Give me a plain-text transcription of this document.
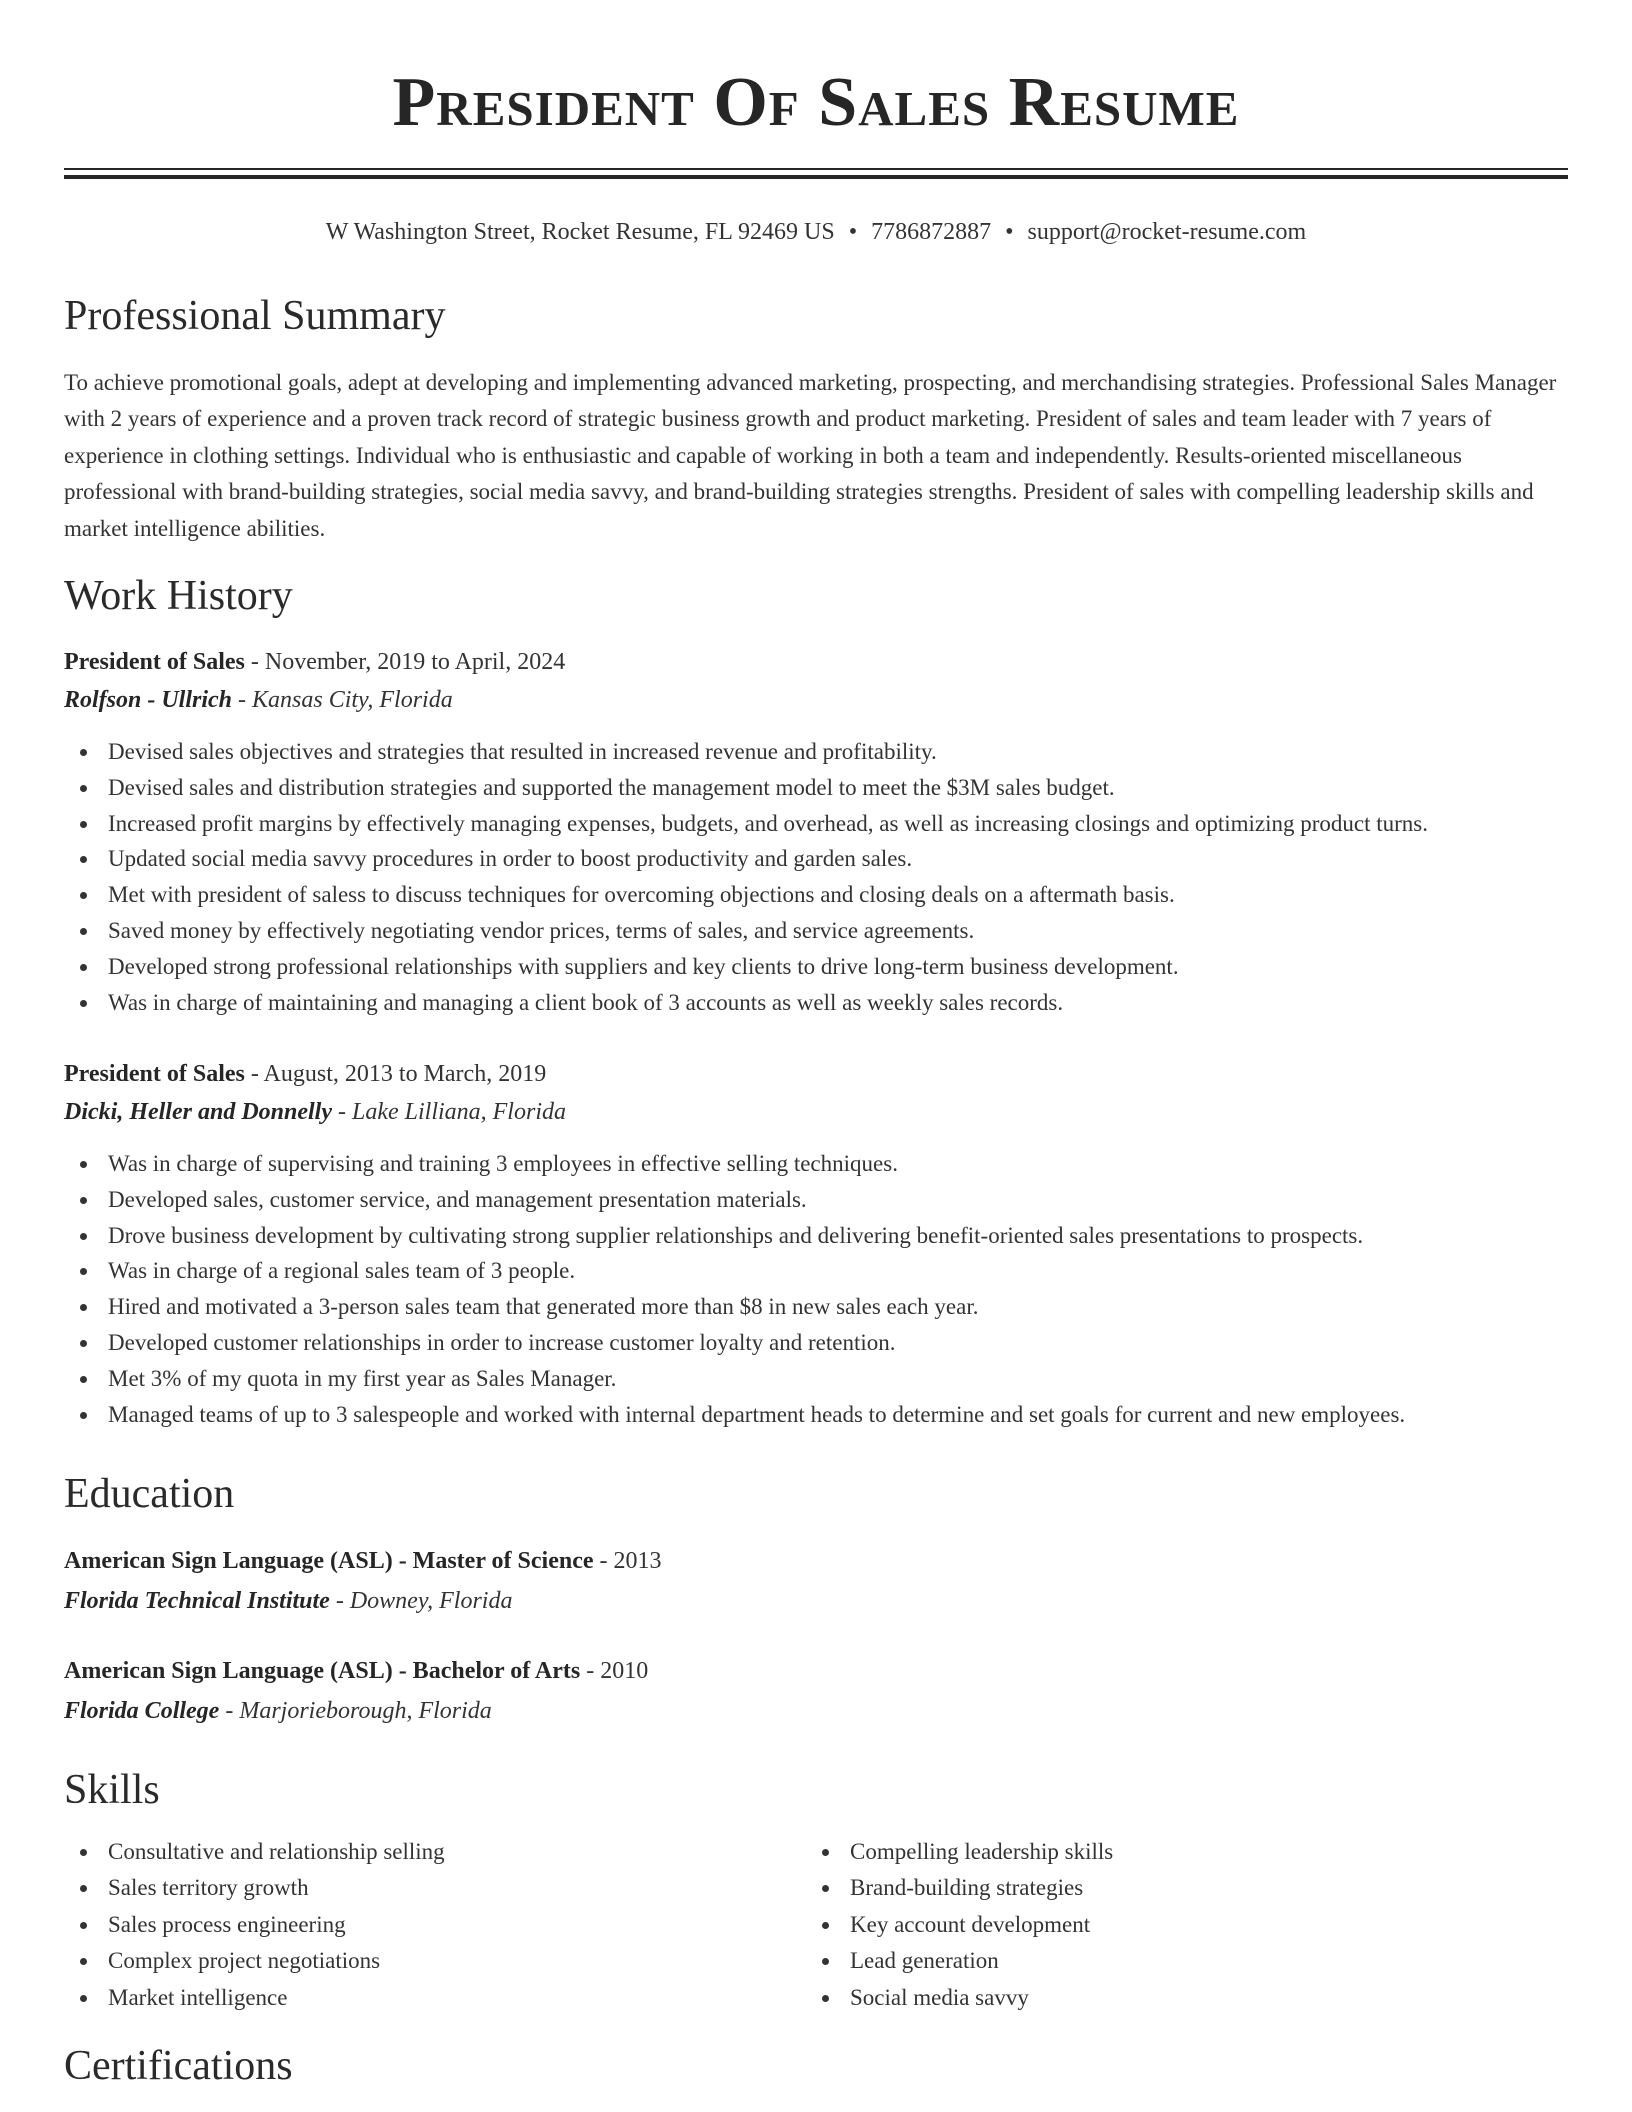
President Of Sales Resume
W Washington Street, Rocket Resume, FL 92469 US • 7786872887 • support@rocket-resume.com
Professional Summary
To achieve promotional goals, adept at developing and implementing advanced marketing, prospecting, and merchandising strategies. Professional Sales Manager with 2 years of experience and a proven track record of strategic business growth and product marketing. President of sales and team leader with 7 years of experience in clothing settings. Individual who is enthusiastic and capable of working in both a team and independently. Results-oriented miscellaneous professional with brand-building strategies, social media savvy, and brand-building strategies strengths. President of sales with compelling leadership skills and market intelligence abilities.
Work History
President of Sales - November, 2019 to April, 2024
Rolfson - Ullrich - Kansas City, Florida
Devised sales objectives and strategies that resulted in increased revenue and profitability.
Devised sales and distribution strategies and supported the management model to meet the $3M sales budget.
Increased profit margins by effectively managing expenses, budgets, and overhead, as well as increasing closings and optimizing product turns.
Updated social media savvy procedures in order to boost productivity and garden sales.
Met with president of saless to discuss techniques for overcoming objections and closing deals on a aftermath basis.
Saved money by effectively negotiating vendor prices, terms of sales, and service agreements.
Developed strong professional relationships with suppliers and key clients to drive long-term business development.
Was in charge of maintaining and managing a client book of 3 accounts as well as weekly sales records.
President of Sales - August, 2013 to March, 2019
Dicki, Heller and Donnelly - Lake Lilliana, Florida
Was in charge of supervising and training 3 employees in effective selling techniques.
Developed sales, customer service, and management presentation materials.
Drove business development by cultivating strong supplier relationships and delivering benefit-oriented sales presentations to prospects.
Was in charge of a regional sales team of 3 people.
Hired and motivated a 3-person sales team that generated more than $8 in new sales each year.
Developed customer relationships in order to increase customer loyalty and retention.
Met 3% of my quota in my first year as Sales Manager.
Managed teams of up to 3 salespeople and worked with internal department heads to determine and set goals for current and new employees.
Education
American Sign Language (ASL) - Master of Science - 2013
Florida Technical Institute - Downey, Florida
American Sign Language (ASL) - Bachelor of Arts - 2010
Florida College - Marjorieborough, Florida
Skills
Consultative and relationship selling
Sales territory growth
Sales process engineering
Complex project negotiations
Market intelligence
Compelling leadership skills
Brand-building strategies
Key account development
Lead generation
Social media savvy
Certifications
